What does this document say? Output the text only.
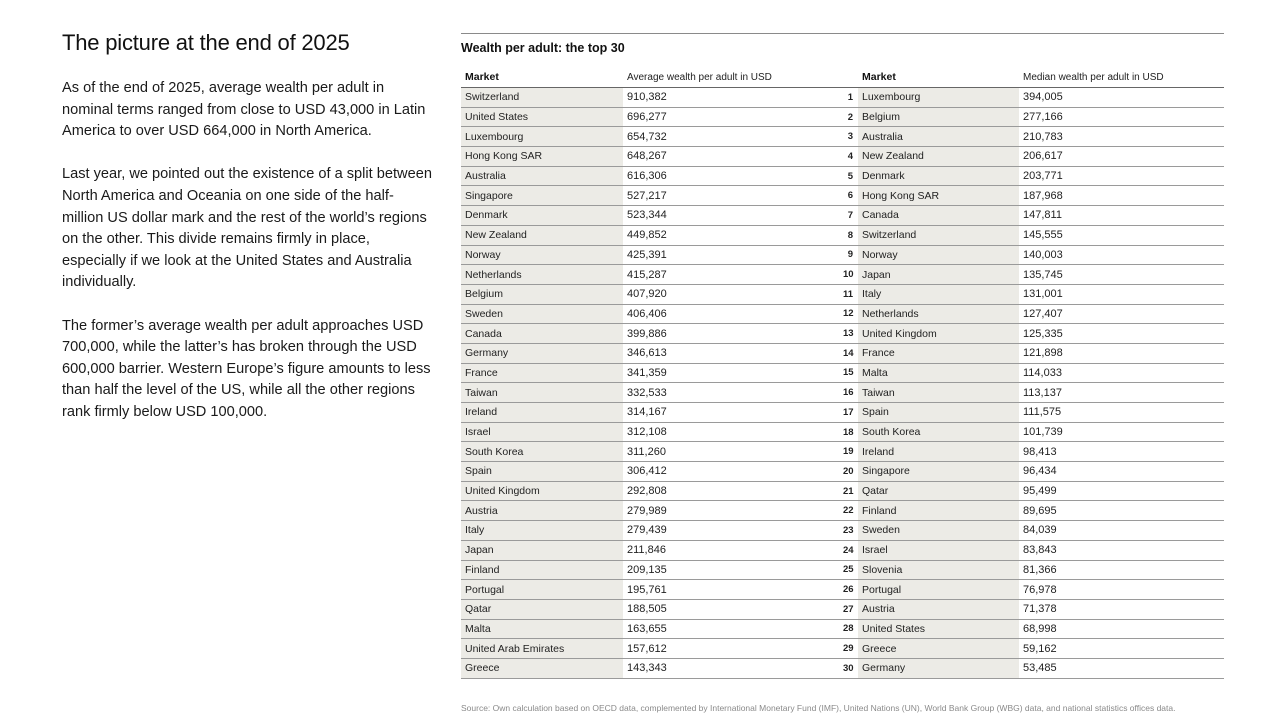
The picture at the end of 2025

As of the end of 2025, average wealth per adult in nominal terms ranged from close to USD 43,000 in Latin America to over USD 664,000 in North America.

Last year, we pointed out the existence of a split between North America and Oceania on one side of the half-million US dollar mark and the rest of the world’s regions on the other. This divide remains firmly in place, especially if we look at the United States and Australia individually.

The former’s average wealth per adult approaches USD 700,000, while the latter’s has broken through the USD 600,000 barrier. Western Europe’s figure amounts to less than half the level of the US, while all the other regions rank firmly below USD 100,000.

Wealth per adult: the top 30
Market	Average wealth per adult in USD		Market	Median wealth per adult in USD
Switzerland	910,382	1	Luxembourg	394,005
United States	696,277	2	Belgium	277,166
Luxembourg	654,732	3	Australia	210,783
Hong Kong SAR	648,267	4	New Zealand	206,617
Australia	616,306	5	Denmark	203,771
Singapore	527,217	6	Hong Kong SAR	187,968
Denmark	523,344	7	Canada	147,811
New Zealand	449,852	8	Switzerland	145,555
Norway	425,391	9	Norway	140,003
Netherlands	415,287	10	Japan	135,745
Belgium	407,920	11	Italy	131,001
Sweden	406,406	12	Netherlands	127,407
Canada	399,886	13	United Kingdom	125,335
Germany	346,613	14	France	121,898
France	341,359	15	Malta	114,033
Taiwan	332,533	16	Taiwan	113,137
Ireland	314,167	17	Spain	111,575
Israel	312,108	18	South Korea	101,739
South Korea	311,260	19	Ireland	98,413
Spain	306,412	20	Singapore	96,434
United Kingdom	292,808	21	Qatar	95,499
Austria	279,989	22	Finland	89,695
Italy	279,439	23	Sweden	84,039
Japan	211,846	24	Israel	83,843
Finland	209,135	25	Slovenia	81,366
Portugal	195,761	26	Portugal	76,978
Qatar	188,505	27	Austria	71,378
Malta	163,655	28	United States	68,998
United Arab Emirates	157,612	29	Greece	59,162
Greece	143,343	30	Germany	53,485
Source: Own calculation based on OECD data, complemented by International Monetary Fund (IMF), United Nations (UN), World Bank Group (WBG) data, and national statistics offices data.
